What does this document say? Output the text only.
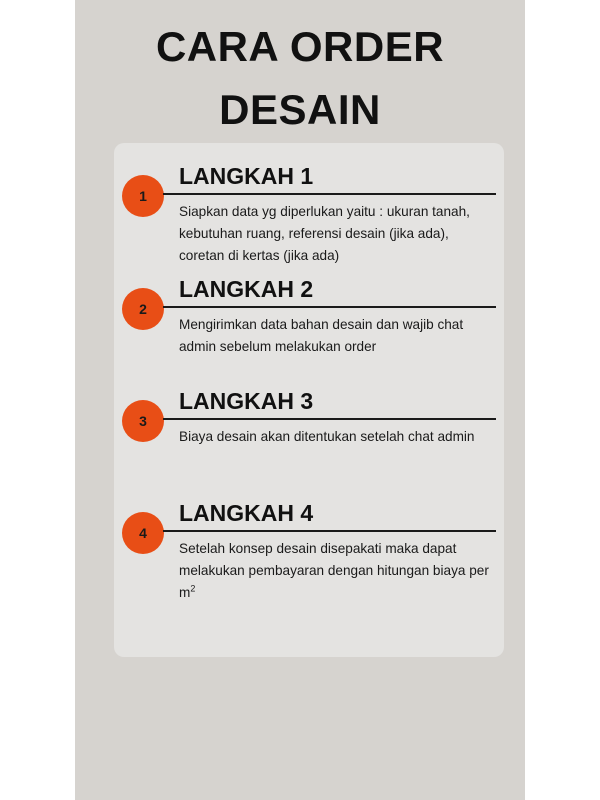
CARA ORDER
DESAIN
1
LANGKAH 1
Siapkan data yg diperlukan yaitu : ukuran tanah, kebutuhan ruang, referensi desain (jika ada), coretan di kertas (jika ada)
2
LANGKAH 2
Mengirimkan data bahan desain dan wajib chat admin sebelum melakukan order
3
LANGKAH 3
Biaya desain akan ditentukan setelah chat admin
4
LANGKAH 4
Setelah konsep desain disepakati maka dapat melakukan pembayaran dengan hitungan biaya per $m^2$
